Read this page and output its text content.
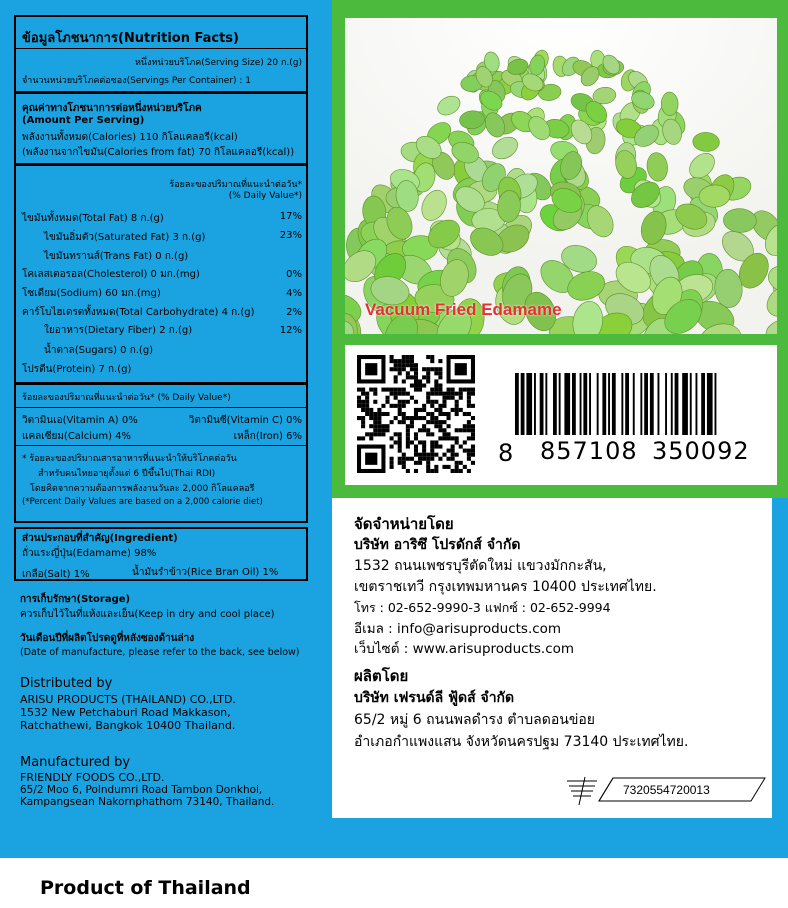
ข้อมูลโภชนาการ(Nutrition Facts)
หนึ่งหน่วยบริโภค(Serving Size) 20 ก.(g)
จำนวนหน่วยบริโภคต่อซอง(Servings Per Container) : 1
คุณค่าทางโภชนาการต่อหนึ่งหน่วยบริโภค
(Amount Per Serving)
พลังงานทั้งหมด(Calories) 110 กิโลแคลอรี(kcal)
(พลังงานจากไขมัน(Calories from fat) 70 กิโลแคลอรี(kcal))
ร้อยละของปริมาณที่แนะนำต่อวัน*
(% Daily Value*)
ไขมันทั้งหมด(Total Fat) 8 ก.(g)	17%
ไขมันอิ่มตัว(Saturated Fat) 3 ก.(g)	23%
ไขมันทรานส์(Trans Fat) 0 ก.(g)
โคเลสเตอรอล(Cholesterol) 0 มก.(mg)	0%
โซเดียม(Sodium) 60 มก.(mg)	4%
คาร์โบไฮเดรตทั้งหมด(Total Carbohydrate) 4 ก.(g)	2%
ใยอาหาร(Dietary Fiber) 2 ก.(g)	12%
น้ำตาล(Sugars) 0 ก.(g)
โปรตีน(Protein) 7 ก.(g)
ร้อยละของปริมาณที่แนะนำต่อวัน* (% Daily Value*)
วิตามินเอ(Vitamin A) 0%	วิตามินซี(Vitamin C) 0%
แคลเซียม(Calcium) 4%	เหล็ก(Iron) 6%
* ร้อยละของปริมาณสารอาหารที่แนะนำให้บริโภคต่อวัน
สำหรับคนไทยอายุตั้งแต่ 6 ปีขึ้นไป(Thai RDI)
โดยคิดจากความต้องการพลังงานวันละ 2,000 กิโลแคลอรี
(*Percent Daily Values are based on a 2,000 calorie diet)
ส่วนประกอบที่สำคัญ(Ingredient)
ถั่วแระญี่ปุ่น(Edamame) 98%
เกลือ(Salt) 1%	น้ำมันรำข้าว(Rice Bran Oil) 1%
การเก็บรักษา(Storage)
ควรเก็บไว้ในที่แห้งและเย็น(Keep in dry and cool place)
วันเดือนปีที่ผลิตโปรดดูที่หลังซองด้านล่าง
(Date of manufacture, please refer to the back, see below)
Distributed by
ARISU PRODUCTS (THAILAND) CO.,LTD.
1532 New Petchaburi Road Makkason,
Ratchathewi, Bangkok 10400 Thailand.
Manufactured by
FRIENDLY FOODS CO.,LTD.
65/2 Moo 6, Polndumri Road Tambon Donkhoi,
Kampangsean Nakornphathom 73140, Thailand.
Vacuum Fried Edamame
8 857108 350092
จัดจำหน่ายโดย
บริษัท อาริซึ โปรดักส์ จำกัด
1532 ถนนเพชรบุรีตัดใหม่ แขวงมักกะสัน,
เขตราชเทวี กรุงเทพมหานคร 10400 ประเทศไทย.
โทร : 02-652-9990-3 แฟกซ์ : 02-652-9994
อีเมล : info@arisuproducts.com
เว็บไซต์ : www.arisuproducts.com
ผลิตโดย
บริษัท เฟรนด์ลี ฟู้ดส์ จำกัด
65/2 หมู่ 6 ถนนพลดำรง ตำบลดอนข่อย
อำเภอกำแพงแสน จังหวัดนครปฐม 73140 ประเทศไทย.
7320554720013
Product of Thailand
